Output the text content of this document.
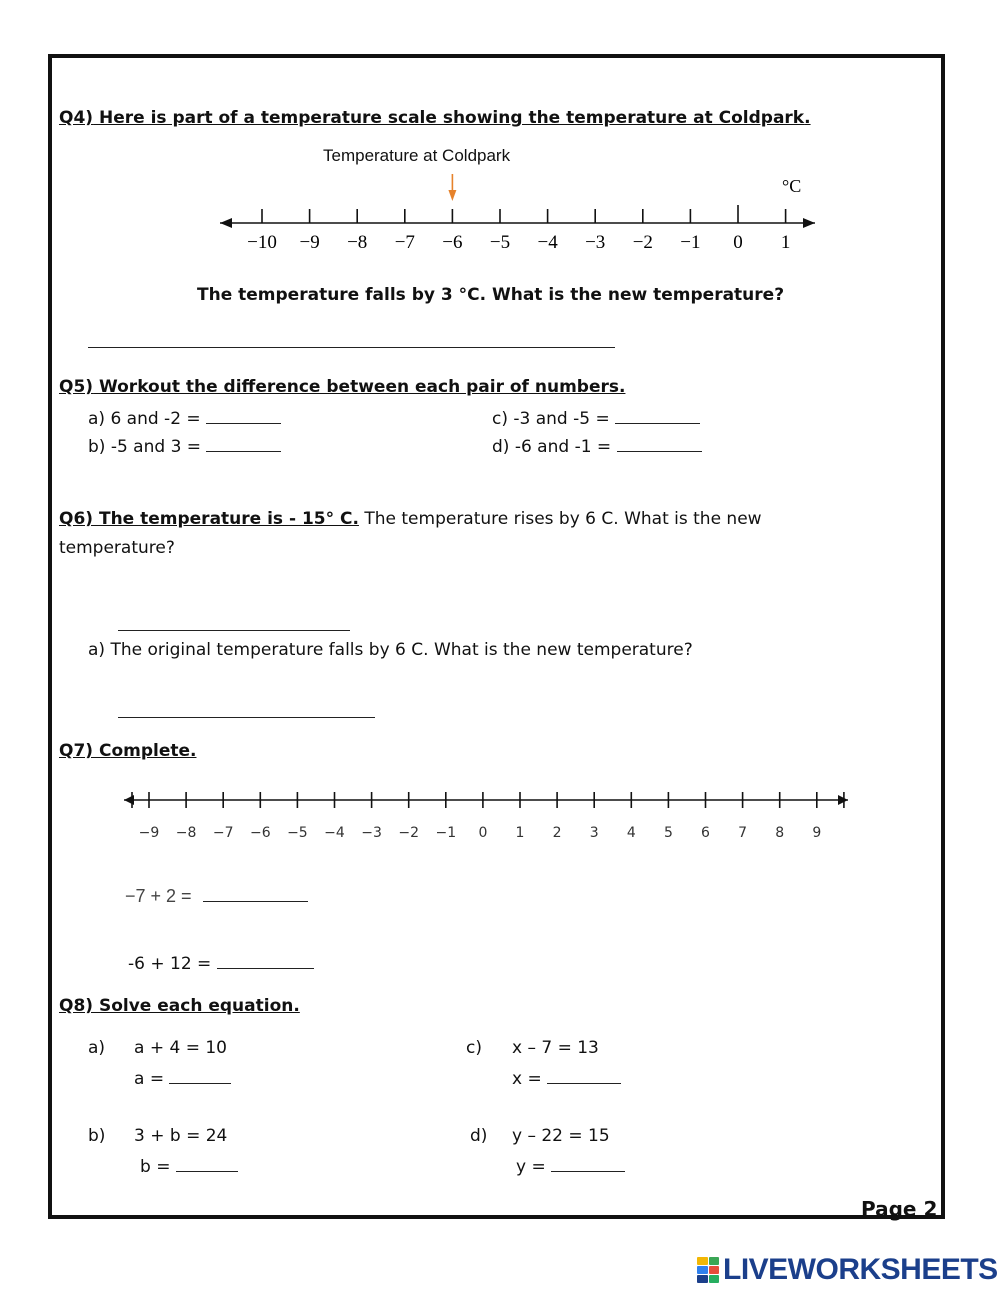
Q4) Here is part of a temperature scale showing the temperature at Coldpark.
Temperature at Coldpark
−10 −9 −8 −7 −6 −5 −4 −3 −2 −1 0 1
°C
The temperature falls by 3 °C. What is the new temperature?
Q5) Workout the difference between each pair of numbers.
a) 6 and -2 =
b) -5 and 3 =
c) -3 and -5 =
d) -6 and -1 =
Q6) The temperature is - 15° C. The temperature rises by 6 C. What is the new
temperature?
a) The original temperature falls by 6 C. What is the new temperature?
Q7) Complete.
−9 −8 −7 −6 −5 −4 −3 −2 −1 0 1 2 3 4 5 6 7 8 9
−7 + 2 =
-6 + 12 =
Q8) Solve each equation.
a) a + 4 = 10
a =
b) 3 + b = 24
b =
c) x – 7 = 13
x =
d) y – 22 = 15
y =
Page 2
LIVEWORKSHEETS
